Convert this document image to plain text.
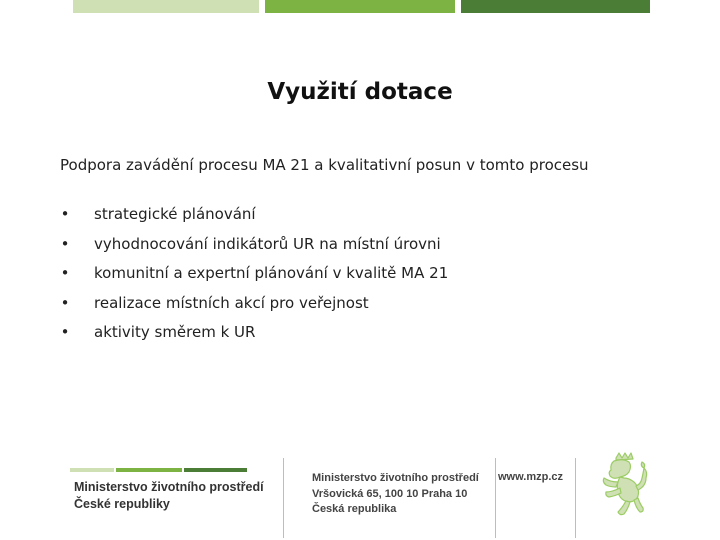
Využití dotace
Podpora zavádění procesu MA 21 a kvalitativní posun v tomto procesu
• strategické plánování
• vyhodnocování indikátorů UR na místní úrovni
• komunitní a expertní plánování v kvalitě MA 21
• realizace místních akcí pro veřejnost
• aktivity směrem k UR
Ministerstvo životního prostředí
České republiky
Ministerstvo životního prostředí
Vršovická 65, 100 10 Praha 10
Česká republika
www.mzp.cz
